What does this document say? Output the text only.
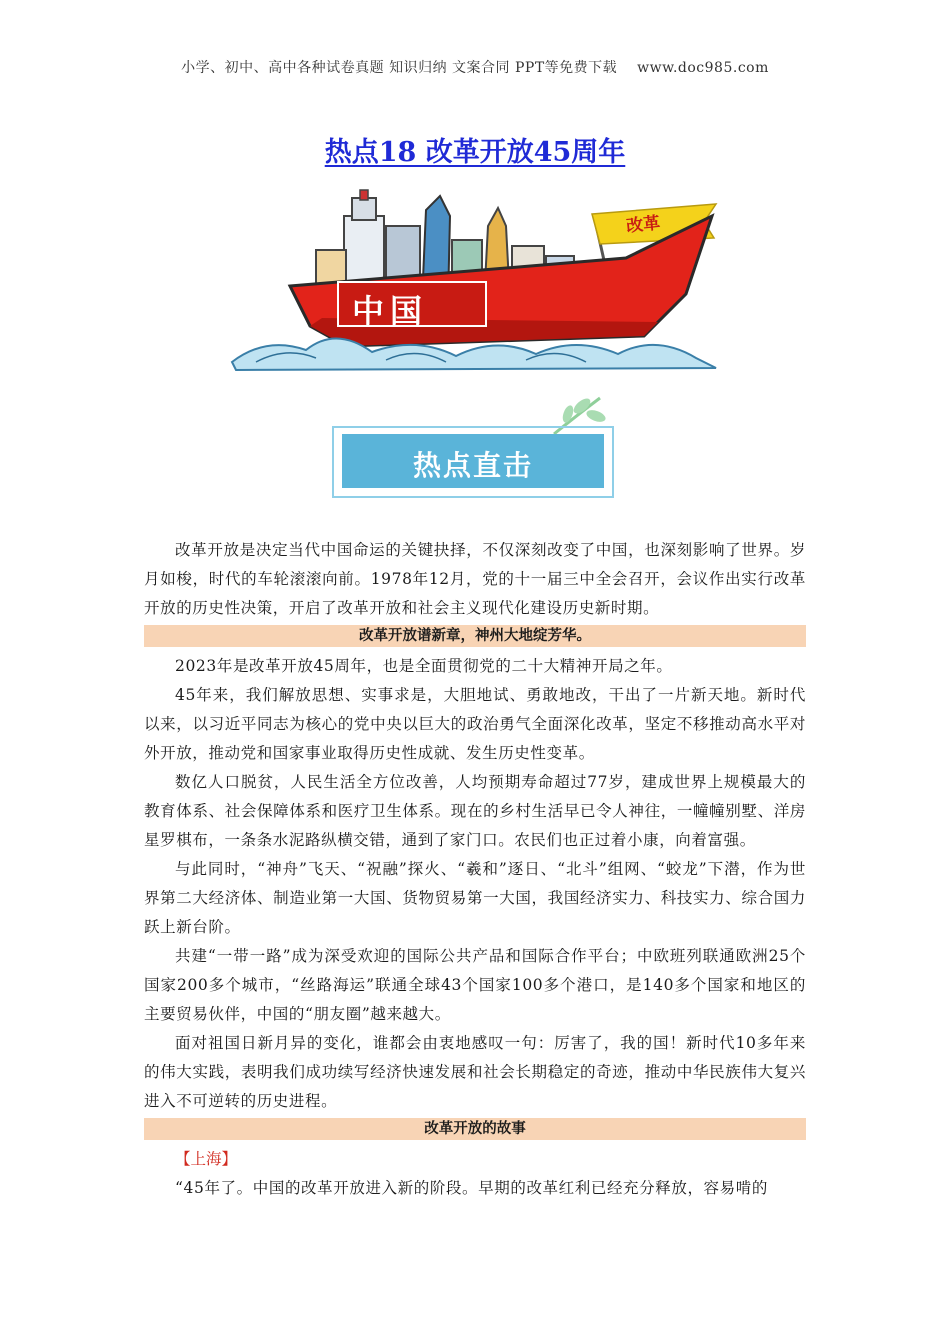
小学、初中、高中各种试卷真题 知识归纳 文案合同 PPT等免费下载 www.doc985.com
热点18 改革开放45周年
中国
改革
热点直击

改革开放是决定当代中国命运的关键抉择，不仅深刻改变了中国，也深刻影响了世界。岁月如梭，时代的车轮滚滚向前。1978年12月，党的十一届三中全会召开，会议作出实行改革开放的历史性决策，开启了改革开放和社会主义现代化建设历史新时期。

改革开放谱新章，神州大地绽芳华。

2023年是改革开放45周年，也是全面贯彻党的二十大精神开局之年。

45年来，我们解放思想、实事求是，大胆地试、勇敢地改，干出了一片新天地。新时代以来，以习近平同志为核心的党中央以巨大的政治勇气全面深化改革，坚定不移推动高水平对外开放，推动党和国家事业取得历史性成就、发生历史性变革。

数亿人口脱贫，人民生活全方位改善，人均预期寿命超过77岁，建成世界上规模最大的教育体系、社会保障体系和医疗卫生体系。现在的乡村生活早已令人神往，一幢幢别墅、洋房星罗棋布，一条条水泥路纵横交错，通到了家门口。农民们也正过着小康，向着富强。

与此同时，“神舟”飞天、“祝融”探火、“羲和”逐日、“北斗”组网、“蛟龙”下潜，作为世界第二大经济体、制造业第一大国、货物贸易第一大国，我国经济实力、科技实力、综合国力跃上新台阶。

共建“一带一路”成为深受欢迎的国际公共产品和国际合作平台；中欧班列联通欧洲25个国家200多个城市，“丝路海运”联通全球43个国家100多个港口，是140多个国家和地区的主要贸易伙伴，中国的“朋友圈”越来越大。

面对祖国日新月异的变化，谁都会由衷地感叹一句：厉害了，我的国！新时代10多年来的伟大实践，表明我们成功续写经济快速发展和社会长期稳定的奇迹，推动中华民族伟大复兴进入不可逆转的历史进程。

改革开放的故事

【上海】

“45年了。中国的改革开放进入新的阶段。早期的改革红利已经充分释放，容易啃的
